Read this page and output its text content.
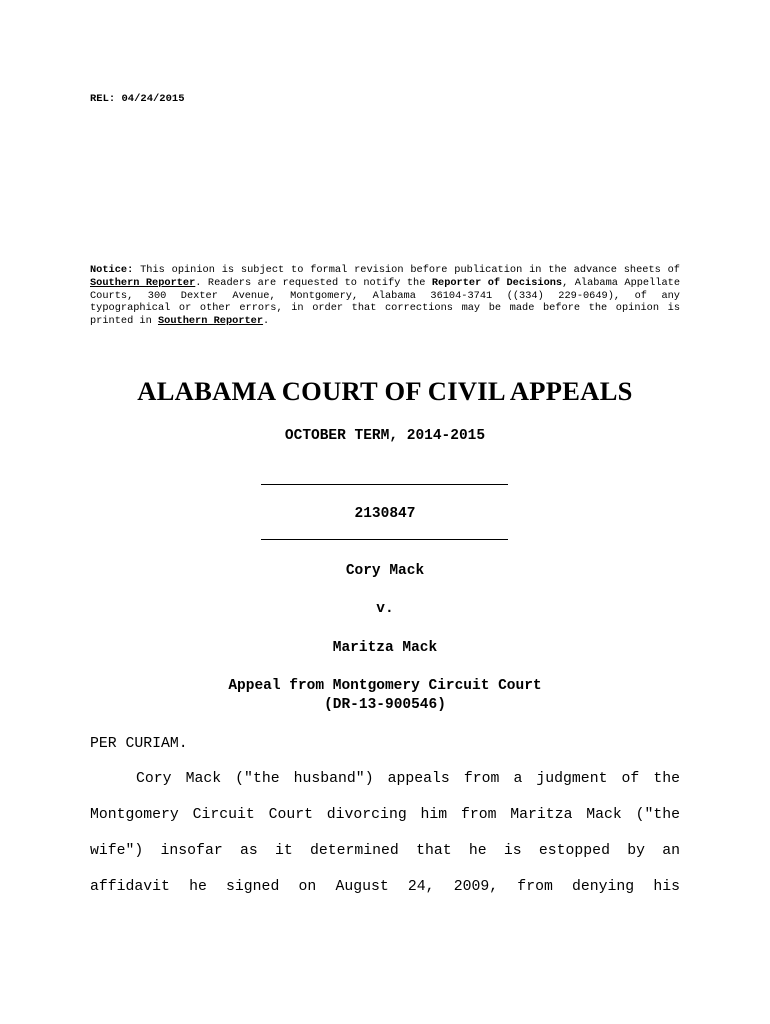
REL: 04/24/2015
Notice: This opinion is subject to formal revision before publication in the advance sheets of Southern Reporter. Readers are requested to notify the Reporter of Decisions, Alabama Appellate Courts, 300 Dexter Avenue, Montgomery, Alabama 36104-3741 ((334) 229-0649), of any typographical or other errors, in order that corrections may be made before the opinion is printed in Southern Reporter.
ALABAMA COURT OF CIVIL APPEALS
OCTOBER TERM, 2014-2015
2130847
Cory Mack
v.
Maritza Mack
Appeal from Montgomery Circuit Court
(DR-13-900546)
PER CURIAM.
Cory Mack ("the husband") appeals from a judgment of the
Montgomery Circuit Court divorcing him from Maritza Mack ("the
wife") insofar as it determined that he is estopped by an
affidavit he signed on August 24, 2009, from denying his
